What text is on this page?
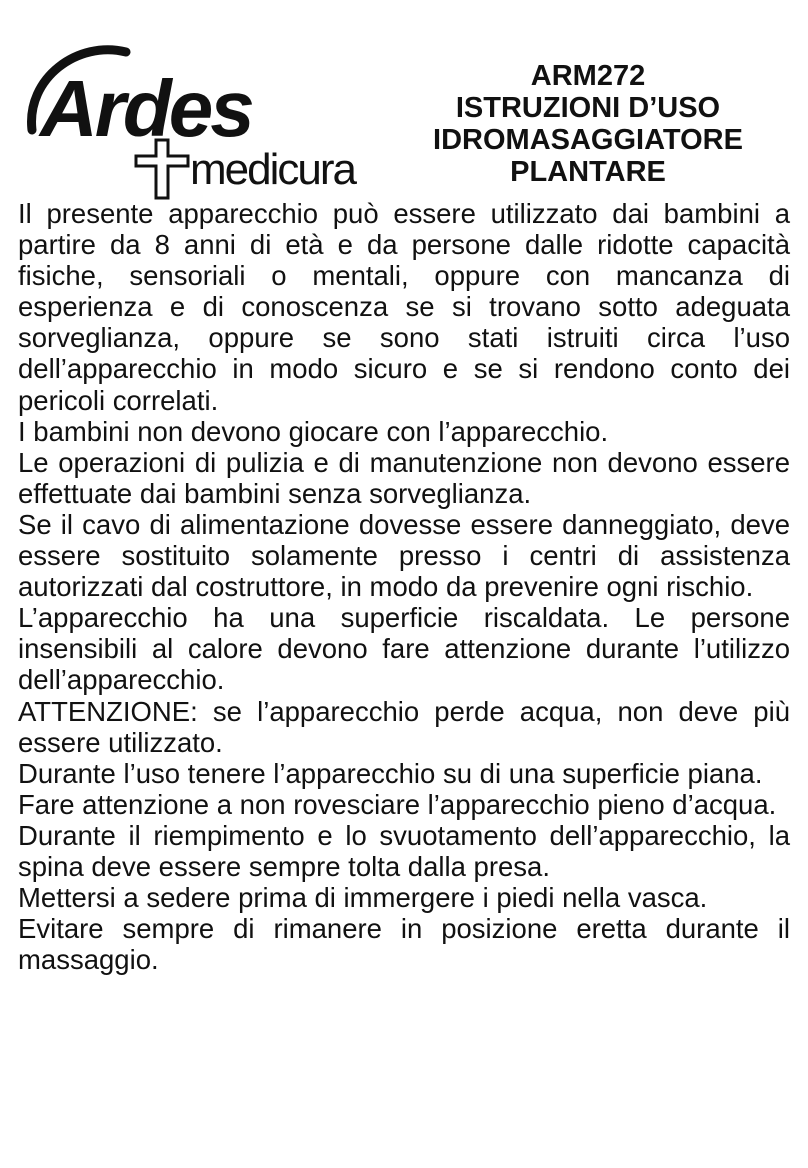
Ardes
medicura
ARM272
ISTRUZIONI D’USO
IDROMASAGGIATORE
PLANTARE

Il presente apparecchio può essere utilizzato dai bambini a partire da 8 anni di età e da persone dalle ridotte capacità fisiche, sensoriali o mentali, oppure con mancanza di esperienza e di conoscenza se si trovano sotto adeguata sorveglianza, oppure se sono stati istruiti circa l’uso dell’apparecchio in modo sicuro e se si rendono conto dei pericoli correlati.

I bambini non devono giocare con l’apparecchio.

Le operazioni di pulizia e di manutenzione non devono essere effettuate dai bambini senza sorveglianza.

Se il cavo di alimentazione dovesse essere danneggiato, deve essere sostituito solamente presso i centri di assistenza autorizzati dal costruttore, in modo da prevenire ogni rischio.

L’apparecchio ha una superficie riscaldata. Le persone insensibili al calore devono fare attenzione durante l’utilizzo dell’apparecchio.

ATTENZIONE: se l’apparecchio perde acqua, non deve più essere utilizzato.

Durante l’uso tenere l’apparecchio su di una superficie piana.

Fare attenzione a non rovesciare l’apparecchio pieno d’acqua.

Durante il riempimento e lo svuotamento dell’apparecchio, la spina deve essere sempre tolta dalla presa.

Mettersi a sedere prima di immergere i piedi nella vasca.

Evitare sempre di rimanere in posizione eretta durante il massaggio.
